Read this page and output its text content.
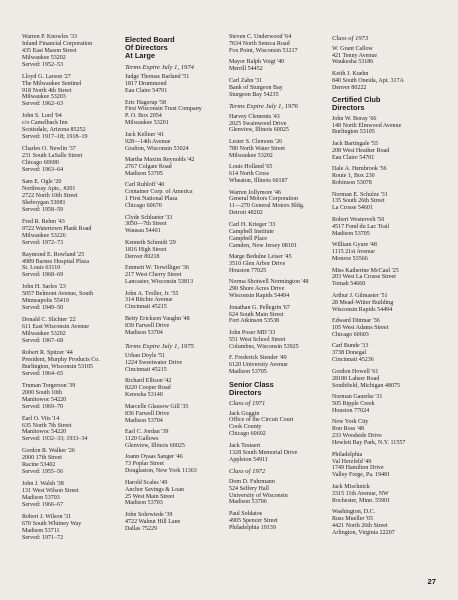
Warren P. Knowles '33
Inland Financial Corporation
435 East Mason Street
Milwaukee 53202
Served: 1952–53
Lloyd G. Larson '27
The Milwaukee Sentinel
918 North 4th Street
Milwaukee 53203
Served: 1962–63
John S. Lord '04
c/o Camelback Inn
Scottsdale, Arizona 85252
Served: 1917–18; 1918–19
Charles O. Newlin '37
231 South LaSalle Street
Chicago 60690
Served: 1963–64
Sam E. Ogle '20
Northway Apts., #201
2722 North 10th Street
Sheboygan 53081
Served: 1958–59
Fred R. Rehm '43
9722 Watertown Plank Road
Milwaukee 53226
Served: 1972–73
Raymond E. Rowland '25
4989 Barnes Hospital Plaza
St. Louis 63110
Served: 1968–69
John H. Sarles '23
5057 Belmont Avenue, South
Minneapolis 55419
Served: 1949–50
Donald C. Slichter '22
611 East Wisconsin Avenue
Milwaukee 53202
Served: 1967–68
Robert R. Spitzer '44
President, Murphy Products Co.
Burlington, Wisconsin 53105
Served: 1964–65
Truman Torgerson '39
2000 South 10th
Manitowoc 54220
Served: 1969–70
Earl O. Vits '14
635 North 7th Street
Manitowoc 54220
Served: 1932–33; 1933–34
Gordon R. Walker '26
2000 17th Street
Racine 53402
Served: 1955–56
John J. Walsh '38
131 West Wilson Street
Madison 53703
Served: 1966–67
Robert J. Wilson '31
670 South Whitney Way
Madison 53711
Served: 1971–72
Elected Board
Of Directors
At Large
Terms Expire July 1, 1974
Judge Thomas Barland '51
1817 Drummond
Eau Claire 54701
Eric Hagerup '58
First Wisconsin Trust Company
P. O. Box 2054
Milwaukee 53201
Jack Kellner '41
928—14th Avenue
Grafton, Wisconsin 53024
Martha Maxim Reynolds '42
2767 Colgate Road
Madison 53705
Carl Ruhloff '40
Container Corp. of America
1 First National Plaza
Chicago 60670
Clyde Schlueter '33
3050—7th Street
Wausau 54401
Kenneth Schmidt '29
1816 High Street
Denver 80218
Emmett W. Terwilliger '36
217 West Cherry Street
Lancaster, Wisconsin 53813
John A. Troller, Jr. '55
314 Ritchie Avenue
Cincinnati 45215
Betty Erickson Vaughn '48
839 Farwell Drive
Madison 53704
Terms Expire July 1, 1975
Urban Doyle '51
1224 Sweetwater Drive
Cincinnati 45215
Richard Ellison '42
8220 Cooper Road
Kenosha 53140
Marcelle Glassow Gill '35
836 Farwell Drive
Madison 53704
Earl C. Jordan '39
1120 Gallows
Glenview, Illinois 60025
Joann Oyaas Sanger '46
73 Poplar Street
Douglaston, New York 11363
Harold Scales '49
Anchor Savings & Loan
25 West Main Street
Madison 53703
John Sohrwiede '39
4722 Walnut Hill Lane
Dallas 75229
Steven C. Underwood '64
7634 North Seneca Road
Fox Point, Wisconsin 53217
Mayor Ralph Voigt '40
Merrill 54452
Carl Zahn '31
Bank of Sturgeon Bay
Sturgeon Bay 54235
Terms Expire July 1, 1976
Harvey Clements '43
2025 Swainwood Drive
Glenview, Illinois 60025
Lester S. Clemons '26
780 North Water Street
Milwaukee 53202
Louis Holland '65
614 North Cross
Wheaton, Illinois 60187
Warren Jollymore '46
General Motors Corporation
11—270 General Motors Bldg.
Detroit 48202
Carl H. Krieger '33
Campbell Institute
Campbell Place
Camden, New Jersey 08101
Marge Bedulne Leiser '45
3510 Glen Arbor Drive
Houston 77025
Norma Shotwell Normington '48
290 Shore Acres Drive
Wisconsin Rapids 54494
Jonathan G. Pellegrin '67
624 South Main Street
Fort Atkinson 53538
John Poser MD '33
551 West School Street
Columbus, Wisconsin 53925
F. Frederick Stender '49
6120 University Avenue
Madison 53705
Senior Class
Directors
Class of 1971
Jack Goggin
Office of the Circuit Court
Cook County
Chicago 60602
Jack Testaert
1328 South Memorial Drive
Appleton 54911
Class of 1972
Dom D. Fuhrmann
524 Selfery Hall
University of Wisconsin
Madison 53706
Paul Soldatos
4905 Spencer Street
Philadelphia 19139
Class of 1973
W. Grant Callow
421 Tenny Avenue
Waukesha 53186
Keith J. Kuehn
840 South Oneida, Apt. 317A
Denver 80222
Certified Club
Directors
John W. Boray '66
148 North Elmwood Avenue
Burlington 53105
Jack Bartingale '55
208 West Heather Road
Eau Claire 54701
Dale A. Hembrook '56
Route 1, Box 230
Robinson 53078
Norman E. Schulze '31
135 South 26th Street
La Crosse 54601
Robert Westervelt '50
4517 Fond du Lac Trail
Madison 53705
William Gyure '48
1115 21st Avenue
Monroe 53566
Miss Katherine McCaul '25
203 West La Crosse Street
Tomah 54660
Arthur J. Gilmaster '51
28 Mead-Witter Building
Wisconsin Rapids 54494
Edward Dittmar '36
105 West Adams Street
Chicago 60603
Carl Bunde '33
3738 Donegal
Cincinnati 45236
Gordon Howell '61
28180 Lahser Road
Southfield, Michigan 48075
Norman Gauerke '31
505 Ripple Creek
Houston 77024
New York City
Ron Ross '48
233 Woodside Drive
Hewlett Bay Park, N.Y. 11557
Philadelphia
Val Herzfeld '49
1749 Hamilton Drive
Valley Forge, Pa. 19481
Jack Mischnick
3315 11th Avenue, NW
Rochester, Minn. 55901
Washington, D.C.
Russ Mueller '65
4421 North 26th Street
Arlington, Virginia 22207
27
